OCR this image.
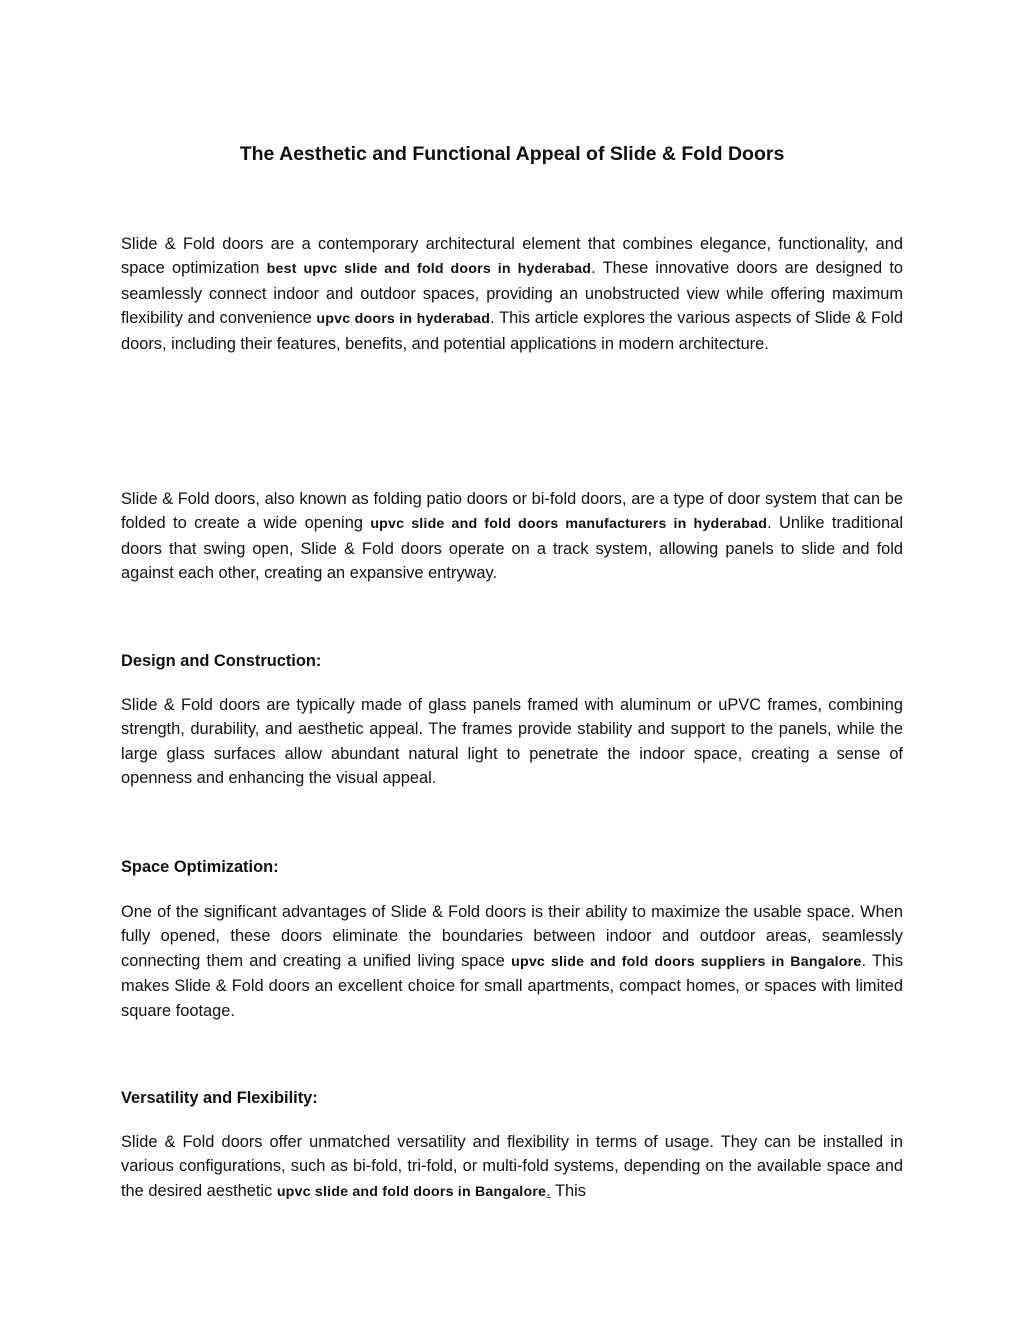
The Aesthetic and Functional Appeal of Slide & Fold Doors

Slide & Fold doors are a contemporary architectural element that combines elegance, functionality, and space optimization best upvc slide and fold doors in hyderabad. These innovative doors are designed to seamlessly connect indoor and outdoor spaces, providing an unobstructed view while offering maximum flexibility and convenience upvc doors in hyderabad. This article explores the various aspects of Slide & Fold doors, including their features, benefits, and potential applications in modern architecture.

Slide & Fold doors, also known as folding patio doors or bi-fold doors, are a type of door system that can be folded to create a wide opening upvc slide and fold doors manufacturers in hyderabad. Unlike traditional doors that swing open, Slide & Fold doors operate on a track system, allowing panels to slide and fold against each other, creating an expansive entryway.

Design and Construction:

Slide & Fold doors are typically made of glass panels framed with aluminum or uPVC frames, combining strength, durability, and aesthetic appeal. The frames provide stability and support to the panels, while the large glass surfaces allow abundant natural light to penetrate the indoor space, creating a sense of openness and enhancing the visual appeal.

Space Optimization:

One of the significant advantages of Slide & Fold doors is their ability to maximize the usable space. When fully opened, these doors eliminate the boundaries between indoor and outdoor areas, seamlessly connecting them and creating a unified living space upvc slide and fold doors suppliers in Bangalore. This makes Slide & Fold doors an excellent choice for small apartments, compact homes, or spaces with limited square footage.

Versatility and Flexibility:

Slide & Fold doors offer unmatched versatility and flexibility in terms of usage. They can be installed in various configurations, such as bi-fold, tri-fold, or multi-fold systems, depending on the available space and the desired aesthetic upvc slide and fold doors in Bangalore. This
